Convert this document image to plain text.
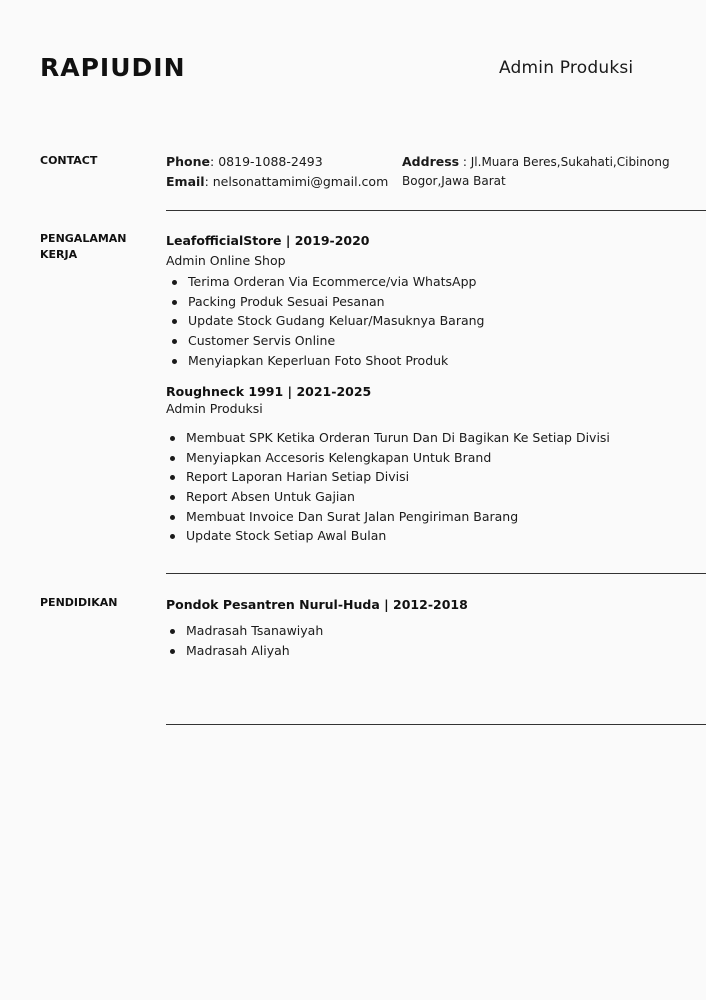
RAPIUDIN	Admin Produksi

CONTACT	Phone: 0819-1088-2493

Email: nelsonattamimi@gmail.com

Address : Jl.Muara Beres,Sukahati,Cibinong

Bogor,Jawa Barat

PENGALAMAN
KERJA

LeafofficialStore | 2019-2020

Admin Online Shop

Terima Orderan Via Ecommerce/via WhatsApp
Packing Produk Sesuai Pesanan
Update Stock Gudang Keluar/Masuknya Barang
Customer Servis Online
Menyiapkan Keperluan Foto Shoot Produk

Roughneck 1991 | 2021-2025

Admin Produksi

Membuat SPK Ketika Orderan Turun Dan Di Bagikan Ke Setiap Divisi
Menyiapkan Accesoris Kelengkapan Untuk Brand
Report Laporan Harian Setiap Divisi
Report Absen Untuk Gajian
Membuat Invoice Dan Surat Jalan Pengiriman Barang
Update Stock Setiap Awal Bulan

PENDIDIKAN	Pondok Pesantren Nurul-Huda | 2012-2018

Madrasah Tsanawiyah
Madrasah Aliyah
